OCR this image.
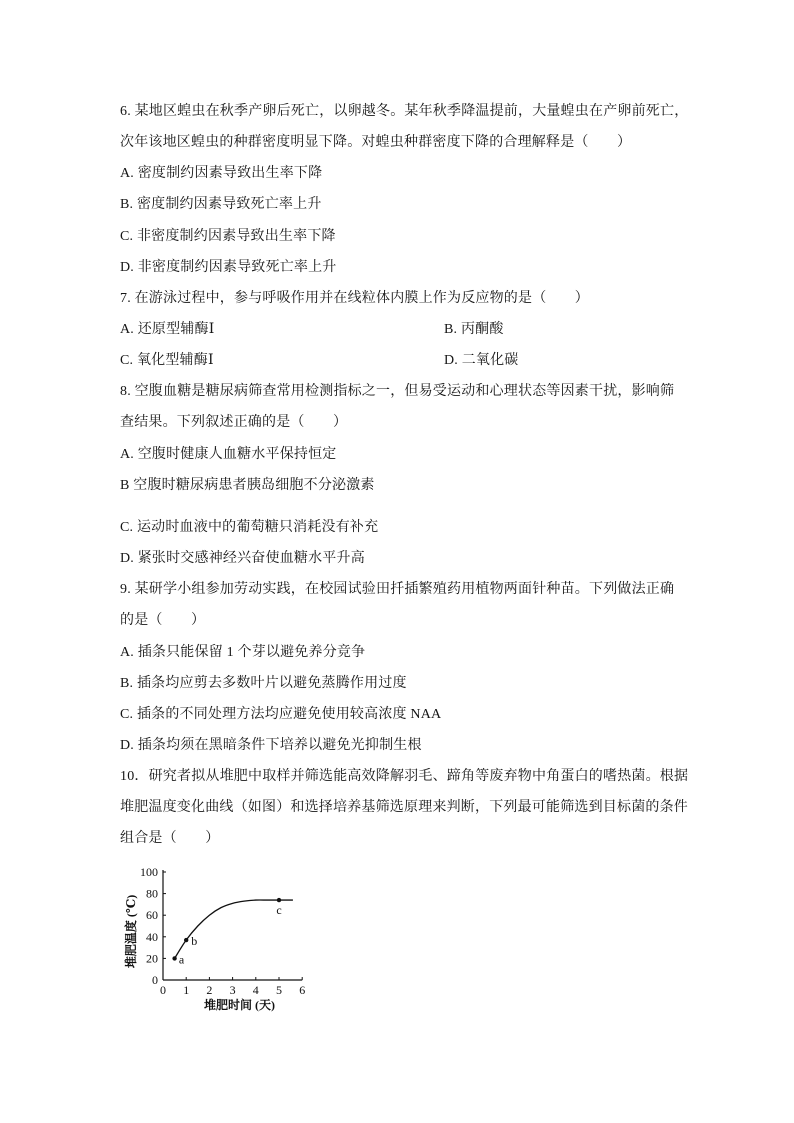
6. 某地区蝗虫在秋季产卵后死亡，以卵越冬。某年秋季降温提前，大量蝗虫在产卵前死亡，
次年该地区蝗虫的种群密度明显下降。对蝗虫种群密度下降的合理解释是（　　）
A. 密度制约因素导致出生率下降
B. 密度制约因素导致死亡率上升
C. 非密度制约因素导致出生率下降
D. 非密度制约因素导致死亡率上升
7. 在游泳过程中，参与呼吸作用并在线粒体内膜上作为反应物的是（　　）
A. 还原型辅酶Ⅰ	B. 丙酮酸
C. 氧化型辅酶Ⅰ	D. 二氧化碳
8. 空腹血糖是糖尿病筛查常用检测指标之一，但易受运动和心理状态等因素干扰，影响筛
查结果。下列叙述正确的是（　　）
A. 空腹时健康人血糖水平保持恒定
B 空腹时糖尿病患者胰岛细胞不分泌激素
C. 运动时血液中的葡萄糖只消耗没有补充
D. 紧张时交感神经兴奋使血糖水平升高
9. 某研学小组参加劳动实践，在校园试验田扦插繁殖药用植物两面针种苗。下列做法正确
的是（　　）
A. 插条只能保留 1 个芽以避免养分竞争
B. 插条均应剪去多数叶片以避免蒸腾作用过度
C. 插条的不同处理方法均应避免使用较高浓度 NAA
D. 插条均须在黑暗条件下培养以避免光抑制生根
10．研究者拟从堆肥中取样并筛选能高效降解羽毛、蹄角等废弃物中角蛋白的嗜热菌。根据
堆肥温度变化曲线（如图）和选择培养基筛选原理来判断，下列最可能筛选到目标菌的条件
组合是（　　）
0 1 2 3 4 5 6
0
20
40
60
80
100
堆肥时间 (天)
堆肥温度 (℃)	a
b
c
